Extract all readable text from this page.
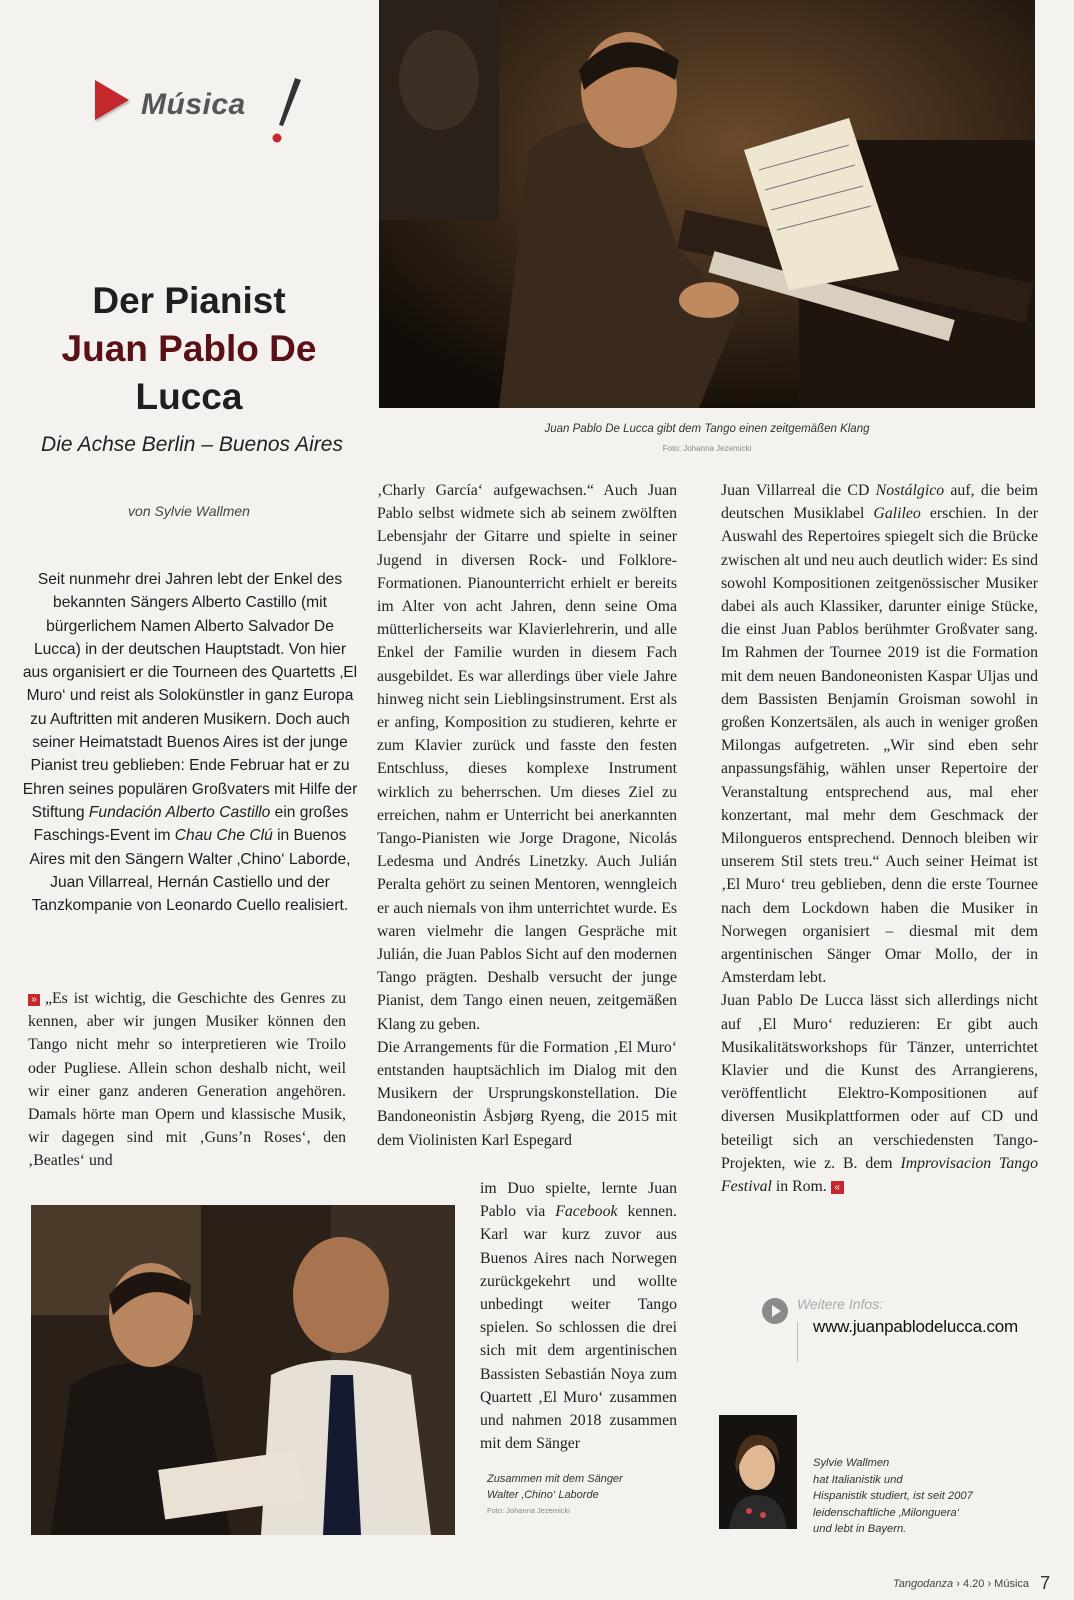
Música
Der Pianist
Juan Pablo De
Lucca
Die Achse Berlin – Buenos Aires
von Sylvie Wallmen
Seit nunmehr drei Jahren lebt der Enkel des bekannten Sängers Alberto Castillo (mit bürgerlichem Namen Alberto Salvador De Lucca) in der deutschen Hauptstadt. Von hier aus organisiert er die Tourneen des Quartetts ‚El Muro‘ und reist als Solokünstler in ganz Europa zu Auftritten mit anderen Musikern. Doch auch seiner Heimatstadt Buenos Aires ist der junge Pianist treu geblieben: Ende Februar hat er zu Ehren seines populären Großvaters mit Hilfe der Stiftung Fundación Alberto Castillo ein großes Faschings-Event im Chau Che Clú in Buenos Aires mit den Sängern Walter ‚Chino‘ Laborde, Juan Villarreal, Hernán Castiello und der Tanzkompanie von Leonardo Cuello realisiert.

» „Es ist wichtig, die Geschichte des Genres zu kennen, aber wir jungen Musiker können den Tango nicht mehr so interpretieren wie Troilo oder Pugliese. Allein schon deshalb nicht, weil wir einer ganz anderen Generation angehören. Damals hörte man Opern und klassische Musik, wir dagegen sind mit ‚Guns’n Roses‘, den ‚Beatles‘ und

‚Charly García‘ aufgewachsen.“ Auch Juan Pablo selbst widmete sich ab seinem zwölften Lebensjahr der Gitarre und spielte in seiner Jugend in diversen Rock- und Folklore-Formationen. Pianounterricht erhielt er bereits im Alter von acht Jahren, denn seine Oma mütterlicherseits war Klavierlehrerin, und alle Enkel der Familie wurden in diesem Fach ausgebildet. Es war allerdings über viele Jahre hinweg nicht sein Lieblingsinstrument. Erst als er anfing, Komposition zu studieren, kehrte er zum Klavier zurück und fasste den festen Entschluss, dieses komplexe Instrument wirklich zu beherrschen. Um dieses Ziel zu erreichen, nahm er Unterricht bei anerkannten Tango-Pianisten wie Jorge Dragone, Nicolás Ledesma und Andrés Linetzky. Auch Julián Peralta gehört zu seinen Mentoren, wenngleich er auch niemals von ihm unterrichtet wurde. Es waren vielmehr die langen Gespräche mit Julián, die Juan Pablos Sicht auf den modernen Tango prägten. Deshalb versucht der junge Pianist, dem Tango einen neuen, zeitgemäßen Klang zu geben.

Die Arrangements für die Formation ‚El Muro‘ entstanden hauptsächlich im Dialog mit den Musikern der Ursprungskonstellation. Die Bandoneonistin Åsbjørg Ryeng, die 2015 mit dem Violinisten Karl Espegard

im Duo spielte, lernte Juan Pablo via Facebook kennen. Karl war kurz zuvor aus Buenos Aires nach Norwegen zurückgekehrt und wollte unbedingt weiter Tango spielen. So schlossen die drei sich mit dem argentinischen Bassisten Sebastián Noya zum Quartett ‚El Muro‘ zusammen und nahmen 2018 zusammen mit dem Sänger

Juan Villarreal die CD Nostálgico auf, die beim deutschen Musiklabel Galileo erschien. In der Auswahl des Repertoires spiegelt sich die Brücke zwischen alt und neu auch deutlich wider: Es sind sowohl Kompositionen zeitgenössischer Musiker dabei als auch Klassiker, darunter einige Stücke, die einst Juan Pablos berühmter Großvater sang. Im Rahmen der Tournee 2019 ist die Formation mit dem neuen Bandoneonisten Kaspar Uljas und dem Bassisten Benjamín Groisman sowohl in großen Konzertsälen, als auch in weniger großen Milongas aufgetreten. „Wir sind eben sehr anpassungsfähig, wählen unser Repertoire der Veranstaltung entsprechend aus, mal eher konzertant, mal mehr dem Geschmack der Milongueros entsprechend. Dennoch bleiben wir unserem Stil stets treu.“ Auch seiner Heimat ist ‚El Muro‘ treu geblieben, denn die erste Tournee nach dem Lockdown haben die Musiker in Norwegen organisiert – diesmal mit dem argentinischen Sänger Omar Mollo, der in Amsterdam lebt.

Juan Pablo De Lucca lässt sich allerdings nicht auf ‚El Muro‘ reduzieren: Er gibt auch Musikalitätsworkshops für Tänzer, unterrichtet Klavier und die Kunst des Arrangierens, veröffentlicht Elektro-Kompositionen auf diversen Musikplattformen oder auf CD und beteiligt sich an verschiedensten Tango-Projekten, wie z. B. dem Improvisacion Tango Festival in Rom. «

Juan Pablo De Lucca gibt dem Tango einen zeitgemäßen Klang
Foto: Johanna Jezemicki
Zusammen mit dem Sänger
Walter ‚Chino‘ Laborde
Foto: Johanna Jezemicki
Weitere Infos:
www.juanpablodelucca.com
Sylvie Wallmen
hat Italianistik und
Hispanistik studiert, ist seit 2007
leidenschaftliche ‚Milonguera‘
und lebt in Bayern.
Tangodanza › 4.20 › Música 7
